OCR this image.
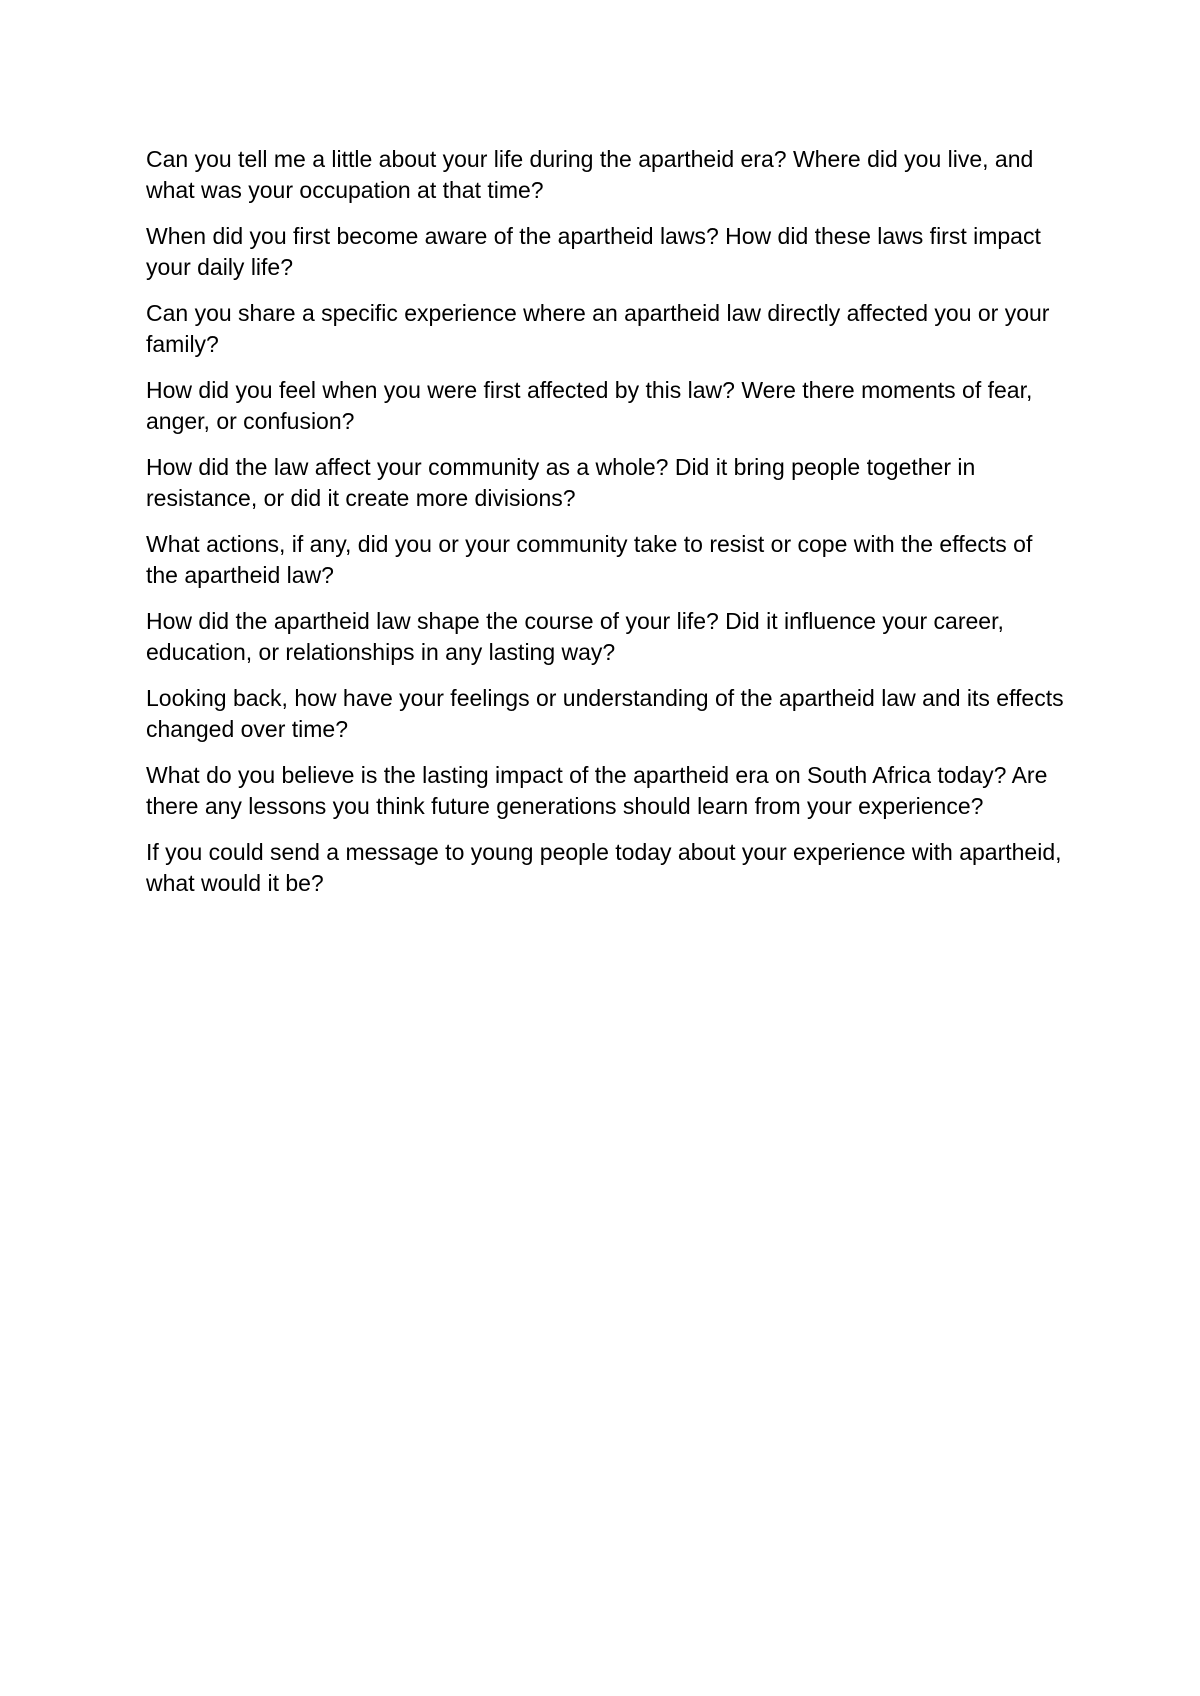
Can you tell me a little about your life during the apartheid era? Where did you live, and what was your occupation at that time?
When did you first become aware of the apartheid laws? How did these laws first impact your daily life?
Can you share a specific experience where an apartheid law directly affected you or your family?
How did you feel when you were first affected by this law? Were there moments of fear, anger, or confusion?
How did the law affect your community as a whole? Did it bring people together in resistance, or did it create more divisions?
What actions, if any, did you or your community take to resist or cope with the effects of the apartheid law?
How did the apartheid law shape the course of your life? Did it influence your career, education, or relationships in any lasting way?
Looking back, how have your feelings or understanding of the apartheid law and its effects changed over time?
What do you believe is the lasting impact of the apartheid era on South Africa today? Are there any lessons you think future generations should learn from your experience?
If you could send a message to young people today about your experience with apartheid, what would it be?
